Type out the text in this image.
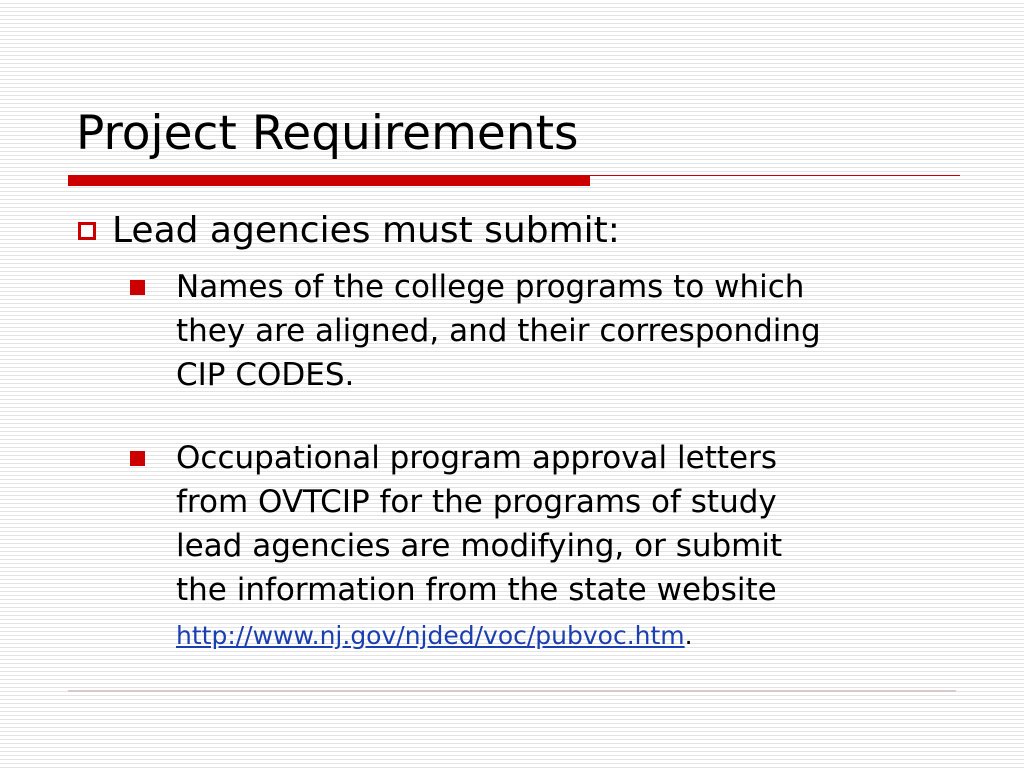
Project Requirements
Lead agencies must submit:
Names of the college programs to which
they are aligned, and their corresponding
CIP CODES.
Occupational program approval letters
from OVTCIP for the programs of study
lead agencies are modifying, or submit
the information from the state website
http://www.nj.gov/njded/voc/pubvoc.htm.
